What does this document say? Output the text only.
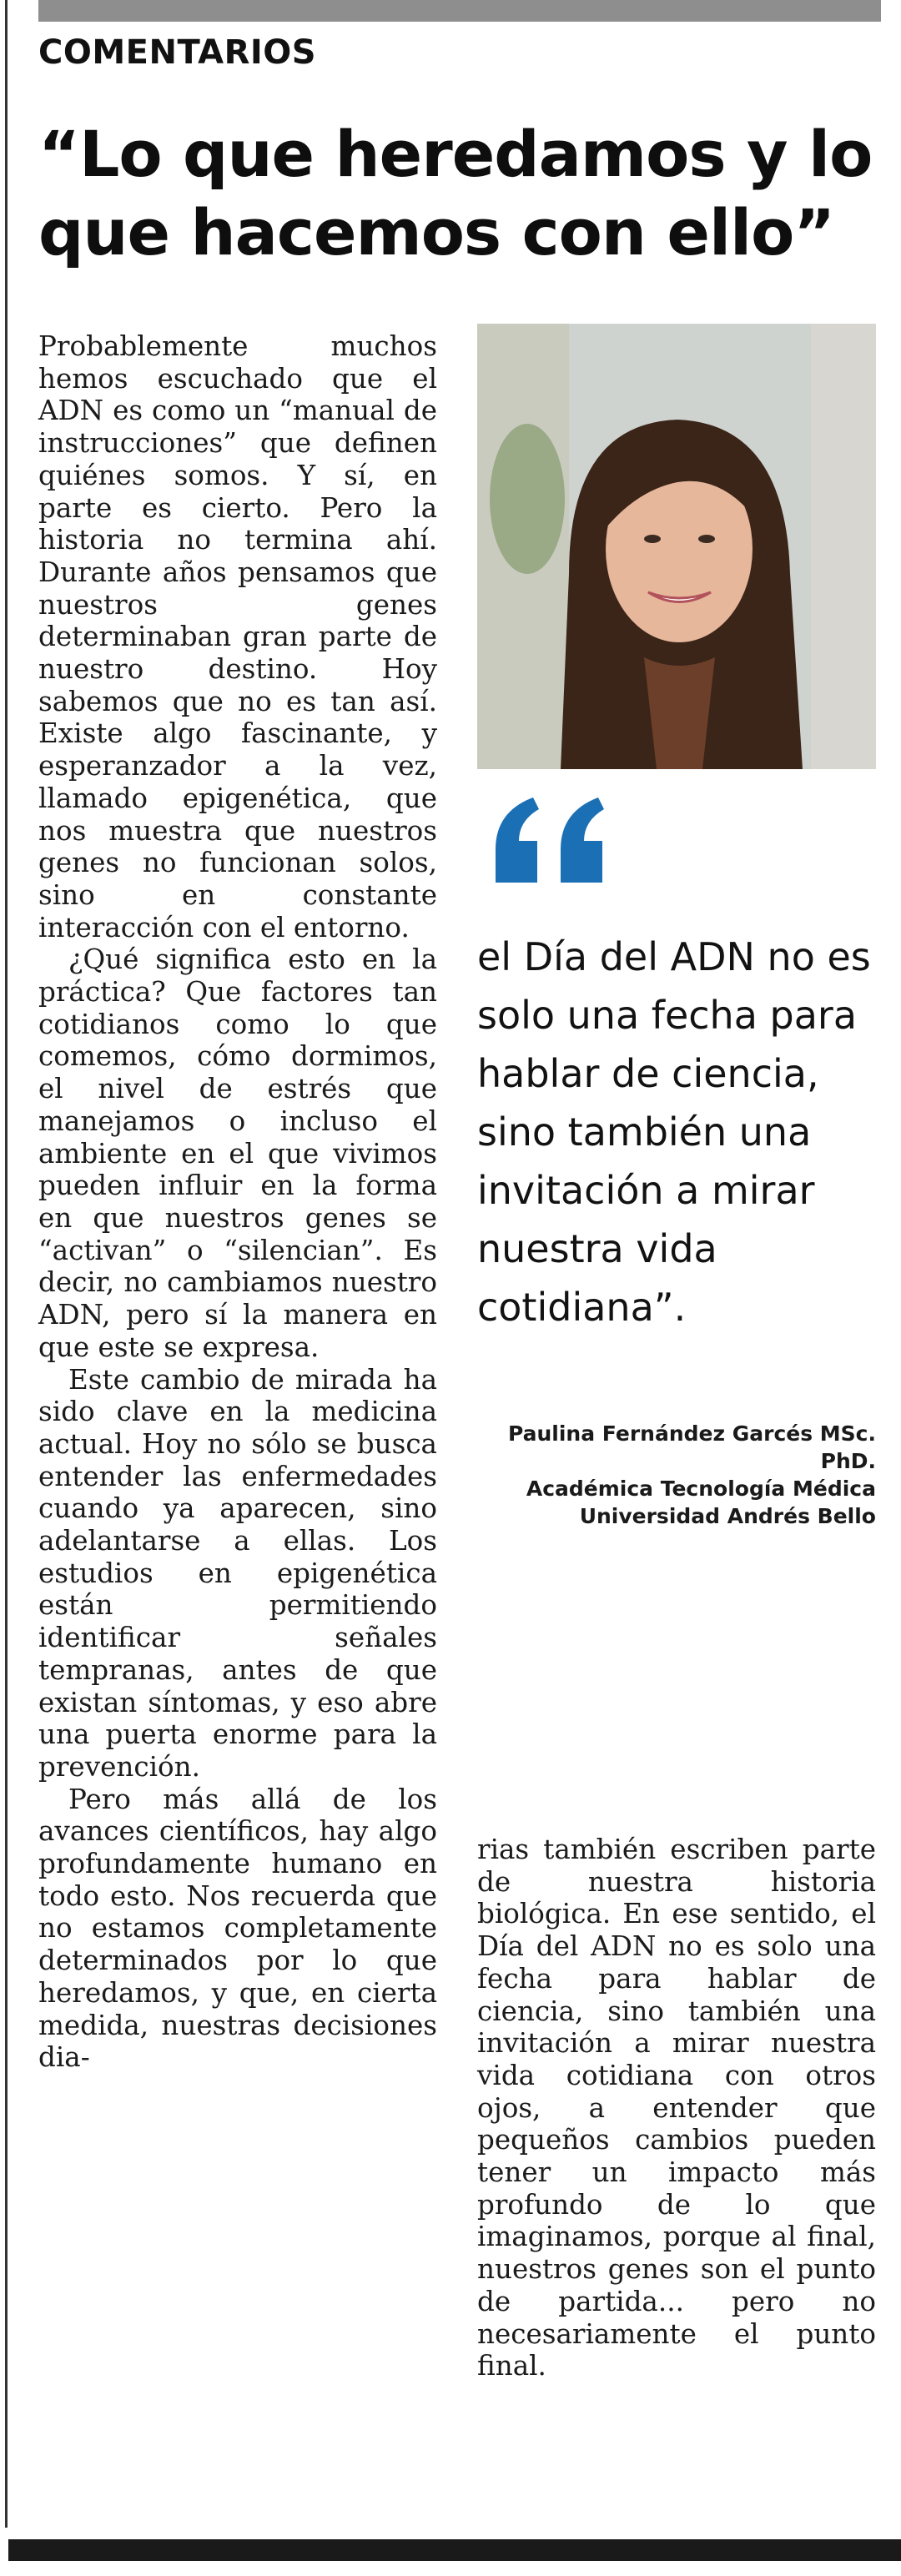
COMENTARIOS
“Lo que heredamos y lo que hacemos con ello”

Probablemente muchos hemos escuchado que el ADN es como un “manual de instrucciones” que definen quiénes somos. Y sí, en parte es cierto. Pero la historia no termina ahí. Durante años pensamos que nuestros genes determinaban gran parte de nuestro destino. Hoy sabemos que no es tan así. Existe algo fascinante, y esperanzador a la vez, llamado epigenética, que nos muestra que nuestros genes no funcionan solos, sino en constante interacción con el entorno.

¿Qué significa esto en la práctica? Que factores tan cotidianos como lo que comemos, cómo dormimos, el nivel de estrés que manejamos o incluso el ambiente en el que vivimos pueden influir en la forma en que nuestros genes se “activan” o “silencian”. Es decir, no cambiamos nuestro ADN, pero sí la manera en que este se expresa.

Este cambio de mirada ha sido clave en la medicina actual. Hoy no sólo se busca entender las enfermedades cuando ya aparecen, sino adelantarse a ellas. Los estudios en epigenética están permitiendo identificar señales tempranas, antes de que existan síntomas, y eso abre una puerta enorme para la prevención.

Pero más allá de los avances científicos, hay algo profundamente humano en todo esto. Nos recuerda que no estamos completamente determinados por lo que heredamos, y que, en cierta medida, nuestras decisiones dia-

el Día del ADN no es solo una fecha para hablar de ciencia, sino también una invitación a mirar nuestra vida cotidiana”.

Paulina Fernández Garcés MSc. PhD.
Académica Tecnología Médica
Universidad Andrés Bello

rias también escriben parte de nuestra historia biológica. En ese sentido, el Día del ADN no es solo una fecha para hablar de ciencia, sino también una invitación a mirar nuestra vida cotidiana con otros ojos, a entender que pequeños cambios pueden tener un impacto más profundo de lo que imaginamos, porque al final, nuestros genes son el punto de partida... pero no necesariamente el punto final.
